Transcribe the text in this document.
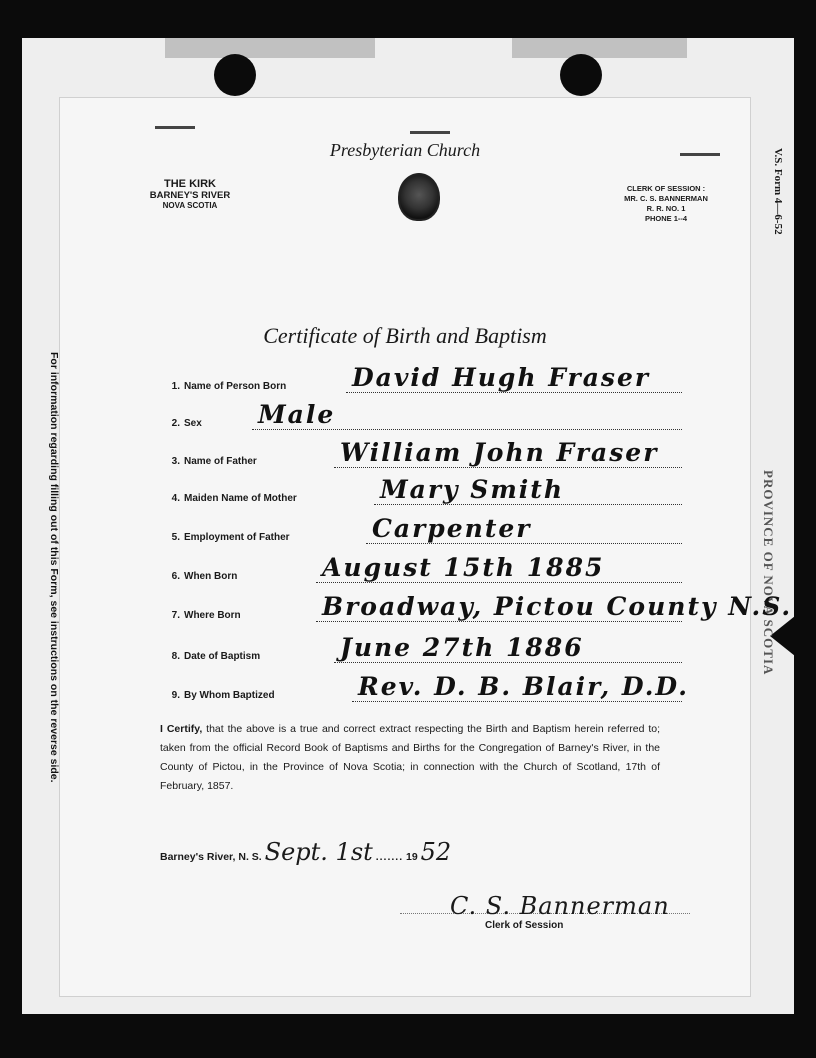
For information regarding filling out of this Form, see instructions on the reverse side.
V.S. Form 4—6-52
PROVINCE OF NOVA SCOTIA
Presbyterian Church
THE KIRK
BARNEY'S RIVER
NOVA SCOTIA
CLERK OF SESSION :
MR. C. S. BANNERMAN
R. R. NO. 1
PHONE 1--4
Certificate of Birth and Baptism
1. Name of Person Born	David Hugh Fraser
2. Sex Male
3. Name of Father	William John Fraser
4. Maiden Name of Mother	Mary Smith
5. Employment of Father	Carpenter
6. When Born	August 15th 1885
7. Where Born	Broadway, Pictou County N.S.
8. Date of Baptism	June 27th 1886
9. By Whom Baptized	Rev. D. B. Blair, D.D.
I Certify, that the above is a true and correct extract respecting the Birth and Baptism herein referred to; taken from the official Record Book of Baptisms and Births for the Congregation of Barney's River, in the County of Pictou, in the Province of Nova Scotia; in connection with the Church of Scotland, 17th of February, 1857.
Barney's River, N. S. Sept. 1st ....... 19 52
C. S. Bannerman
Clerk of Session
